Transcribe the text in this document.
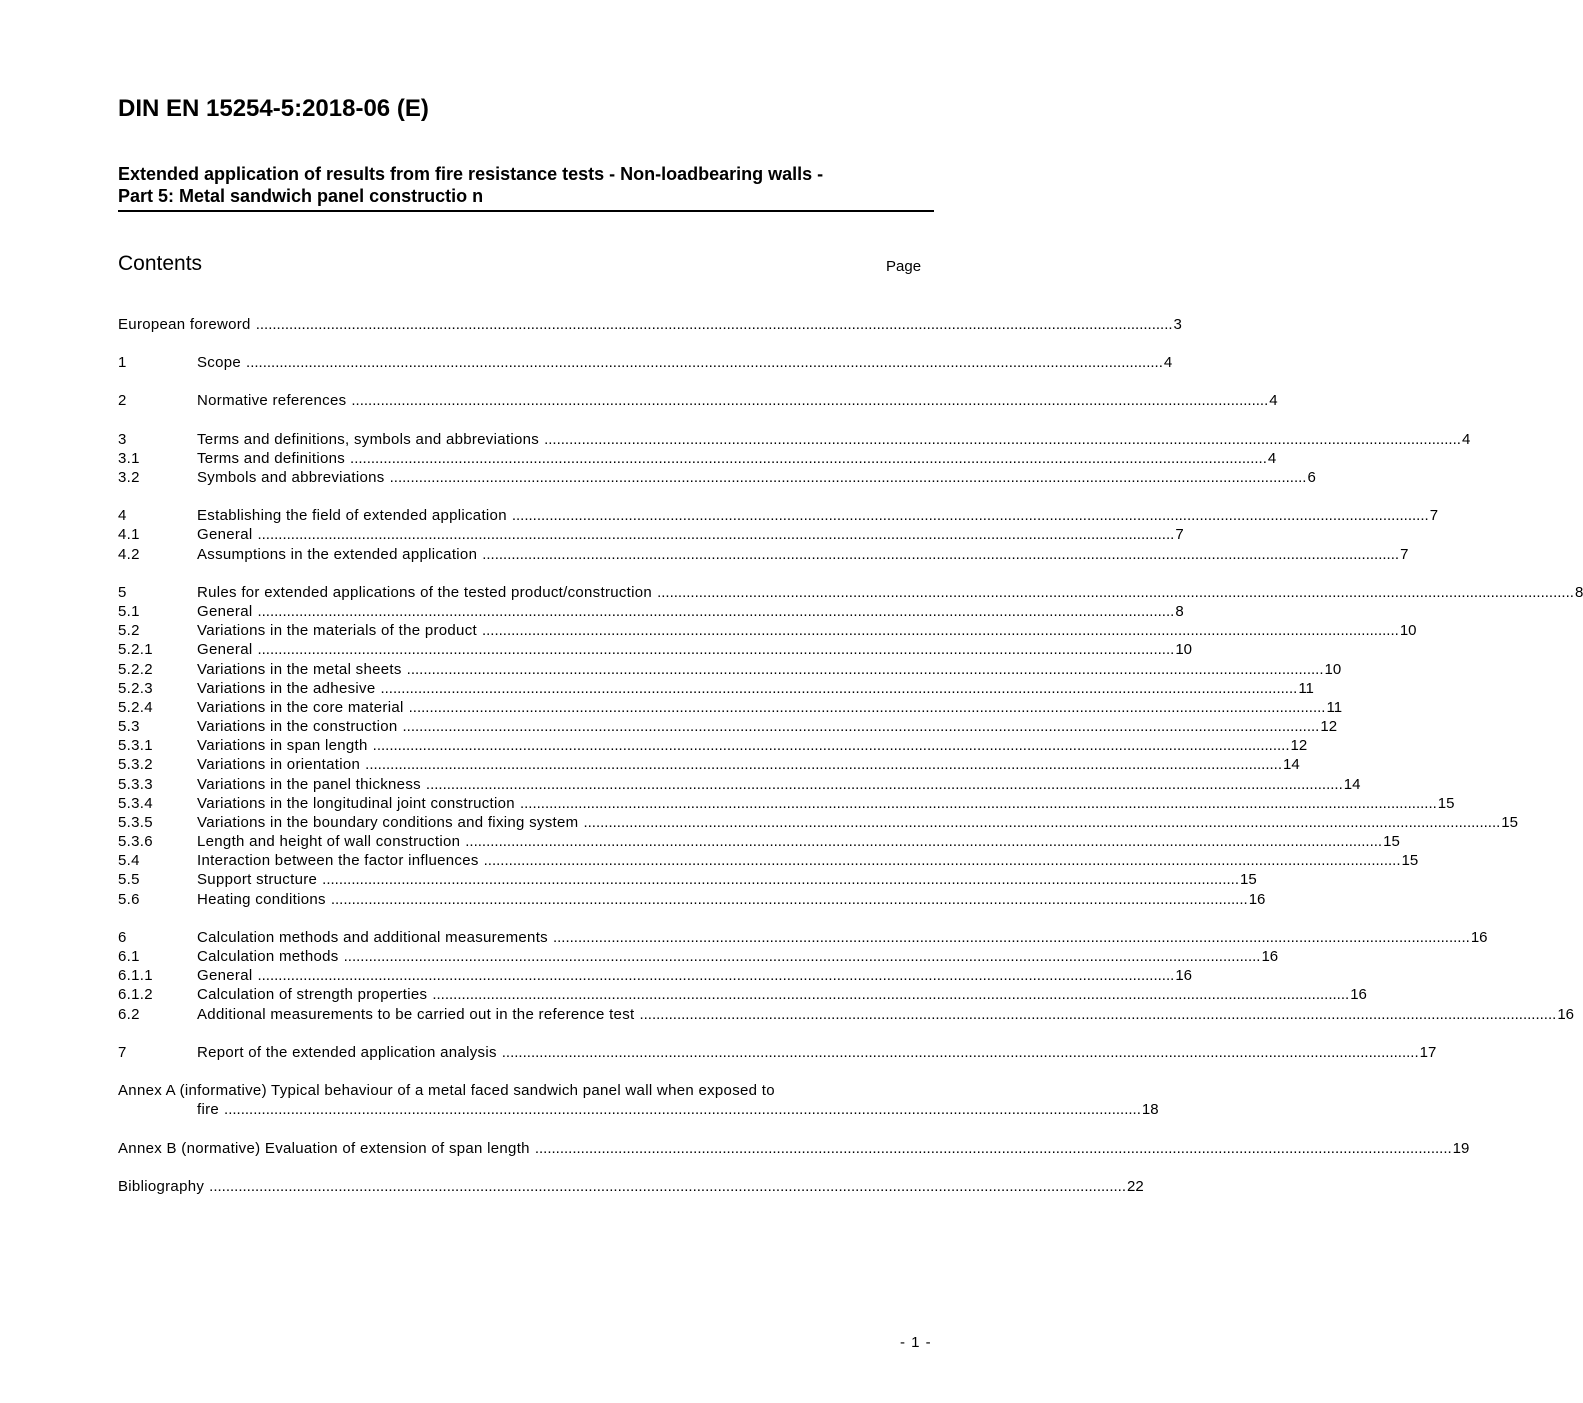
DIN EN 15254-5:2018-06 (E)
Extended application of results from fire resistance tests - Non-loadbearing walls -
Part 5: Metal sandwich panel constructio n
Contents	Page
European foreword .....	3
1	Scope .....	4
2	Normative references .....	4
3	Terms and definitions, symbols and abbreviations .....	4
3.1	Terms and definitions .....	4
3.2	Symbols and abbreviations .....	6
4	Establishing the field of extended application .....	7
4.1	General .....	7
4.2	Assumptions in the extended application .....	7
5	Rules for extended applications of the tested product/construction .....	8
5.1	General .....	8
5.2	Variations in the materials of the product .....	10
5.2.1	General .....	10
5.2.2	Variations in the metal sheets .....	10
5.2.3	Variations in the adhesive .....	11
5.2.4	Variations in the core material .....	11
5.3	Variations in the construction .....	12
5.3.1	Variations in span length .....	12
5.3.2	Variations in orientation .....	14
5.3.3	Variations in the panel thickness .....	14
5.3.4	Variations in the longitudinal joint construction .....	15
5.3.5	Variations in the boundary conditions and fixing system .....	15
5.3.6	Length and height of wall construction .....	15
5.4	Interaction between the factor influences .....	15
5.5	Support structure .....	15
5.6	Heating conditions .....	16
6	Calculation methods and additional measurements .....	16
6.1	Calculation methods .....	16
6.1.1	General .....	16
6.1.2	Calculation of strength properties .....	16
6.2	Additional measurements to be carried out in the reference test .....	16
7	Report of the extended application analysis .....	17
Annex A (informative) Typical behaviour of a metal faced sandwich panel wall when exposed to
fire .....	18
Annex B (normative) Evaluation of extension of span length .....	19
Bibliography .....	22
- 1 -
